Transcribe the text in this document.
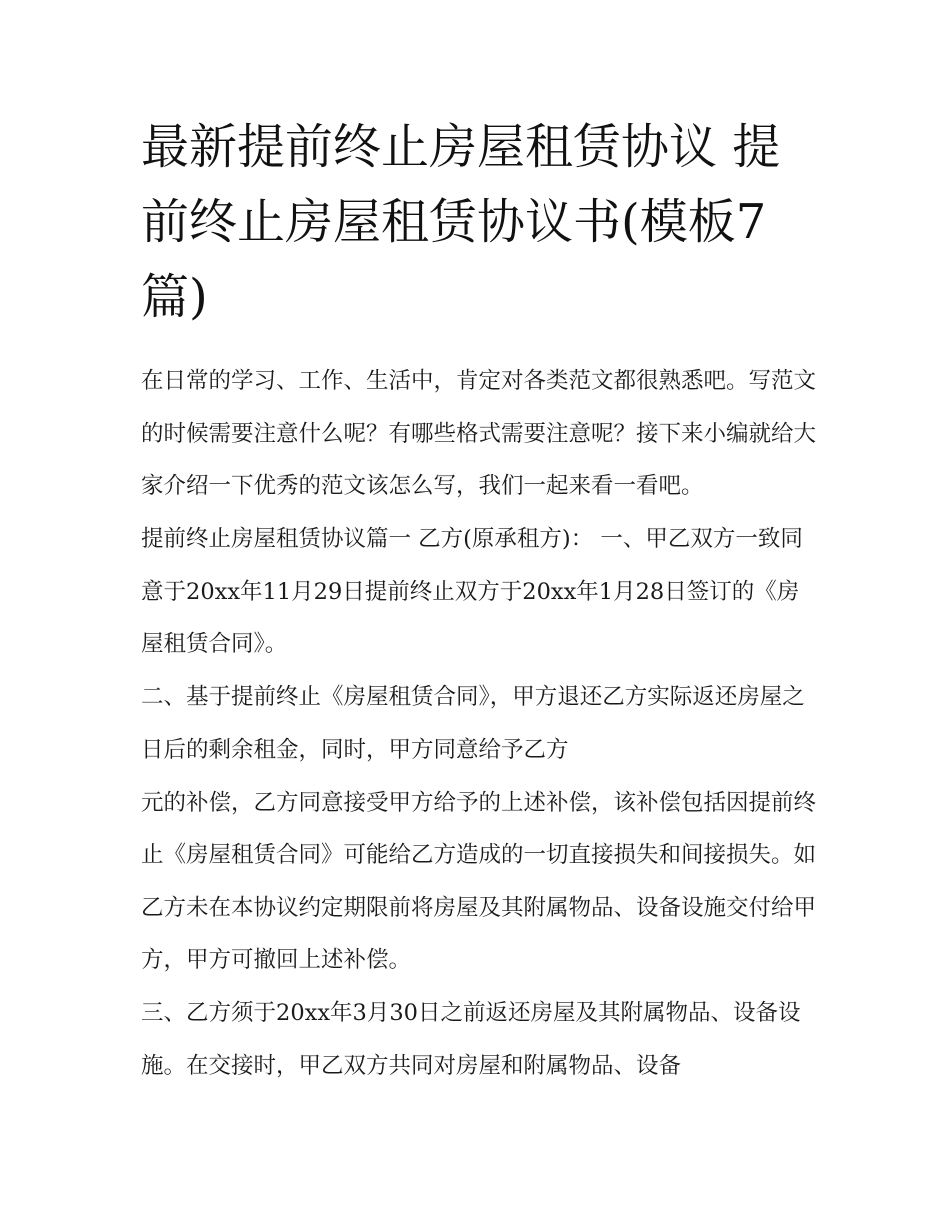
最新提前终止房屋租赁协议 提前终止房屋租赁协议书(模板7篇)

在日常的学习、工作、生活中，肯定对各类范文都很熟悉吧。写范文的时候需要注意什么呢？有哪些格式需要注意呢？接下来小编就给大家介绍一下优秀的范文该怎么写，我们一起来看一看吧。

提前终止房屋租赁协议篇一 乙方(原承租方)： 一、甲乙双方一致同意于20xx年11月29日提前终止双方于20xx年1月28日签订的《房屋租赁合同》。

二、基于提前终止《房屋租赁合同》，甲方退还乙方实际返还房屋之日后的剩余租金，同时，甲方同意给予乙方

元的补偿，乙方同意接受甲方给予的上述补偿，该补偿包括因提前终止《房屋租赁合同》可能给乙方造成的一切直接损失和间接损失。如乙方未在本协议约定期限前将房屋及其附属物品、设备设施交付给甲方，甲方可撤回上述补偿。

三、乙方须于20xx年3月30日之前返还房屋及其附属物品、设备设施。在交接时，甲乙双方共同对房屋和附属物品、设备
